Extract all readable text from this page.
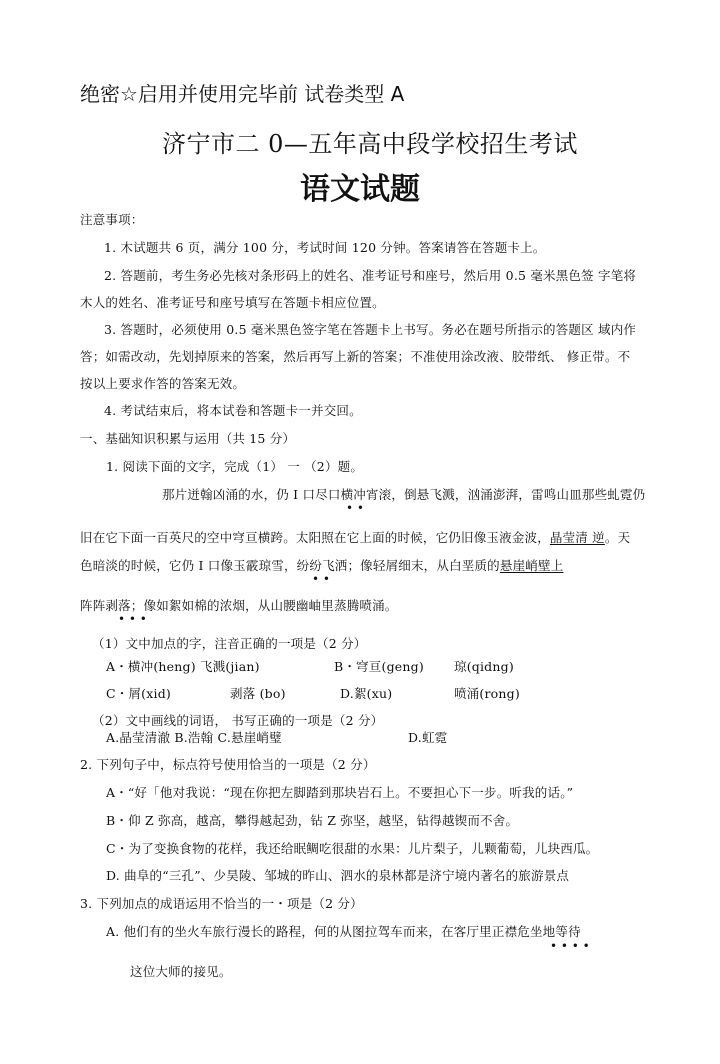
绝密☆启用并使用完毕前 试卷类型 A
济宁市二 0—五年高中段学校招生考试
语文试题
注意事项：
1. 木试题共 6 页，满分 100 分，考试时间 120 分钟。答案请答在答题卡上。
2. 答题前，考生务必先核对条形码上的姓名、准考证号和座号，然后用 0.5 毫米黑色签 字笔将
木人的姓名、准考证号和座号填写在答题卡相应位置。
3. 答题时，必须使用 0.5 毫米黑色签字笔在答题卡上书写。务必在题号所指示的答题区 域内作
答；如需改动，先划掉原来的答案，然后再写上新的答案；不准使用涂改液、胶带纸、 修正带。不
按以上要求作答的答案无效。
4. 考试结束后，将本试卷和答题卡一并交回。
一、基础知识积累与运用（共 15 分）
1. 阅读下面的文字，完成（1） 一 （2）题。
那片迸翰凶涌的水，仍 I 口尽口横冲宵滚，倒悬飞溅，汹涌澎湃，雷鸣山皿那些虬霓仍
• •
旧在它下面一百英尺的空中穹亘横跨。太阳照在它上面的时候，它仍旧像玉液金波，晶莹清 逆。天
色暗淡的时候，它仍 I 口像玉霰琼雪，纷纷飞洒；像轻屑细末，从白垩质的悬崖峭壁上
• •
阵阵剥落；像如絮如棉的浓烟，从山腰幽岫里蒸腾喷涌。
• • •
（1）文中加点的字，注音正确的一项是（2 分）
A・横冲(heng) 飞溅(jian)	B・穹亘(geng) 琼(qidng)
C・屑(xid)	剥落 (bo)	D.絮(xu)	喷涌(rong)
（2）文中画线的词语， 书写正确的一项是（2 分）
A.晶莹清澈 B.浩翰 C.悬崖峭璧	D.虹霓
2. 下列句子中，标点符号使用恰当的一项是（2 分）
A・“好「他对我说：“现在你把左脚踏到那块岩石上。不要担心下一步。听我的话。”
B・仰 Z 弥高，越高，攀得越起劲，钻 Z 弥坚，越坚，钻得越锲而不舍。
C・为了变换食物的花样，我还给眠鲷吃很甜的水果：儿片梨子，儿颗葡萄，儿块西瓜。
D. 曲阜的“三孔”、少昊陵、邹城的昨山、泗水的泉林都是济宁境内著名的旅游景点
3. 下列加点的成语运用不恰当的一・项是（2 分）
A. 他们有的坐火车旅行漫长的路程，何的从图拉驾车而来，在客厅里正襟危坐地等待
• • • •
这位大师的接见。
